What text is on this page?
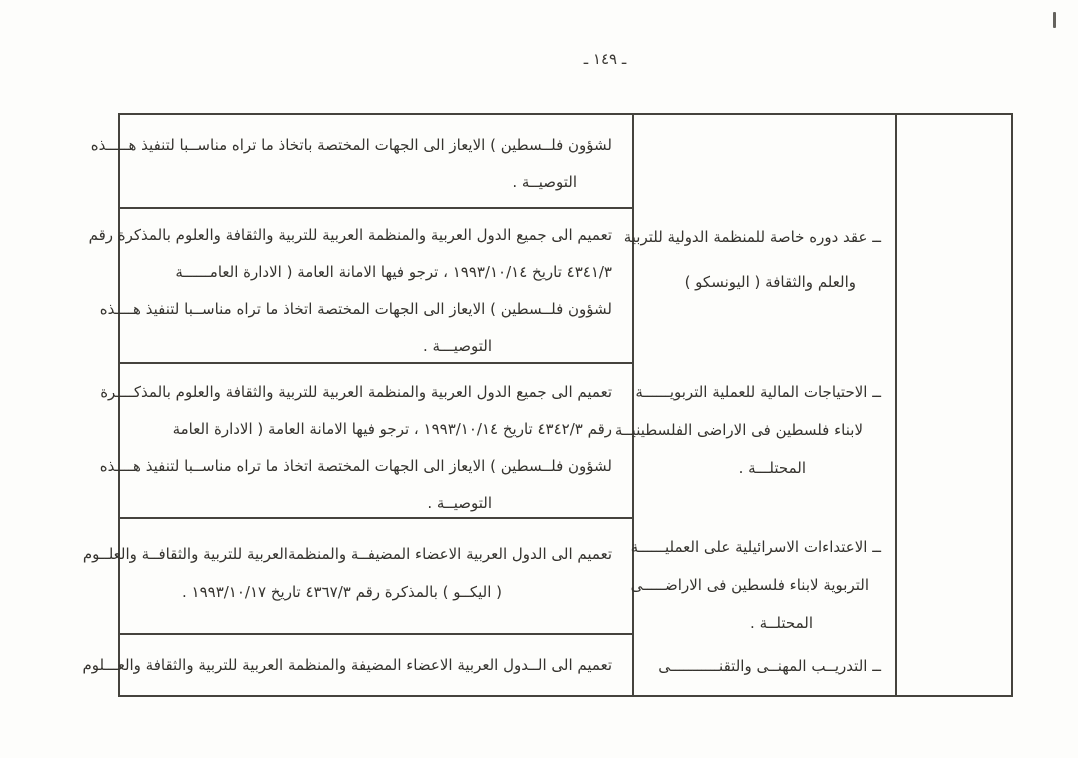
ـ ١٤٩ ـ
لشؤون فلــسطين ) الايعاز الى الجهات المختصة باتخاذ ما تراه مناســبا لتنفيذ هـــــذه
التوصيــة .
تعميم الى جميع الدول العربية والمنظمة العربية للتربية والثقافة والعلوم بالمذكرة رقم
٤٣٤١/٣ تاريخ ١٩٩٣/١٠/١٤ ، ترجو فيها الامانة العامة ( الادارة العامــــــة
لشؤون فلــسطين ) الايعاز الى الجهات المختصة اتخاذ ما تراه مناســبا لتنفيذ هــــذه
التوصيـــة .
تعميم الى جميع الدول العربية والمنظمة العربية للتربية والثقافة والعلوم بالمذكــــرة
رقم ٤٣٤٢/٣ تاريخ ١٩٩٣/١٠/١٤ ، ترجو فيها الامانة العامة ( الادارة العامة
لشؤون فلــسطين ) الايعاز الى الجهات المختصة اتخاذ ما تراه مناســبا لتنفيذ هــــذه
التوصيــة .
تعميم الى الدول العربية الاعضاء المضيفــة والمنظمةالعربية للتربية والثقافــة والعلــوم
( اليكــو ) بالمذكرة رقم ٤٣٦٧/٣ تاريخ ١٩٩٣/١٠/١٧ .
تعميم الى الــدول العربية الاعضاء المضيفة والمنظمة العربية للتربية والثقافة والعـــلوم
ــ عقد دوره خاصة للمنظمة الدولية للتربية
والعلم والثقافة ( اليونسكو )
ــ الاحتياجات المالية للعملية التربويــــــة
لابناء فلسطين فى الاراضى الفلسطينيــة
المحتلـــة .
ــ الاعتداءات الاسرائيلية على العمليــــــة
التربوية لابناء فلسطين فى الاراضـــــى
المحتلــة .
ــ التدريــب المهنــى والتقنـــــــــــى
